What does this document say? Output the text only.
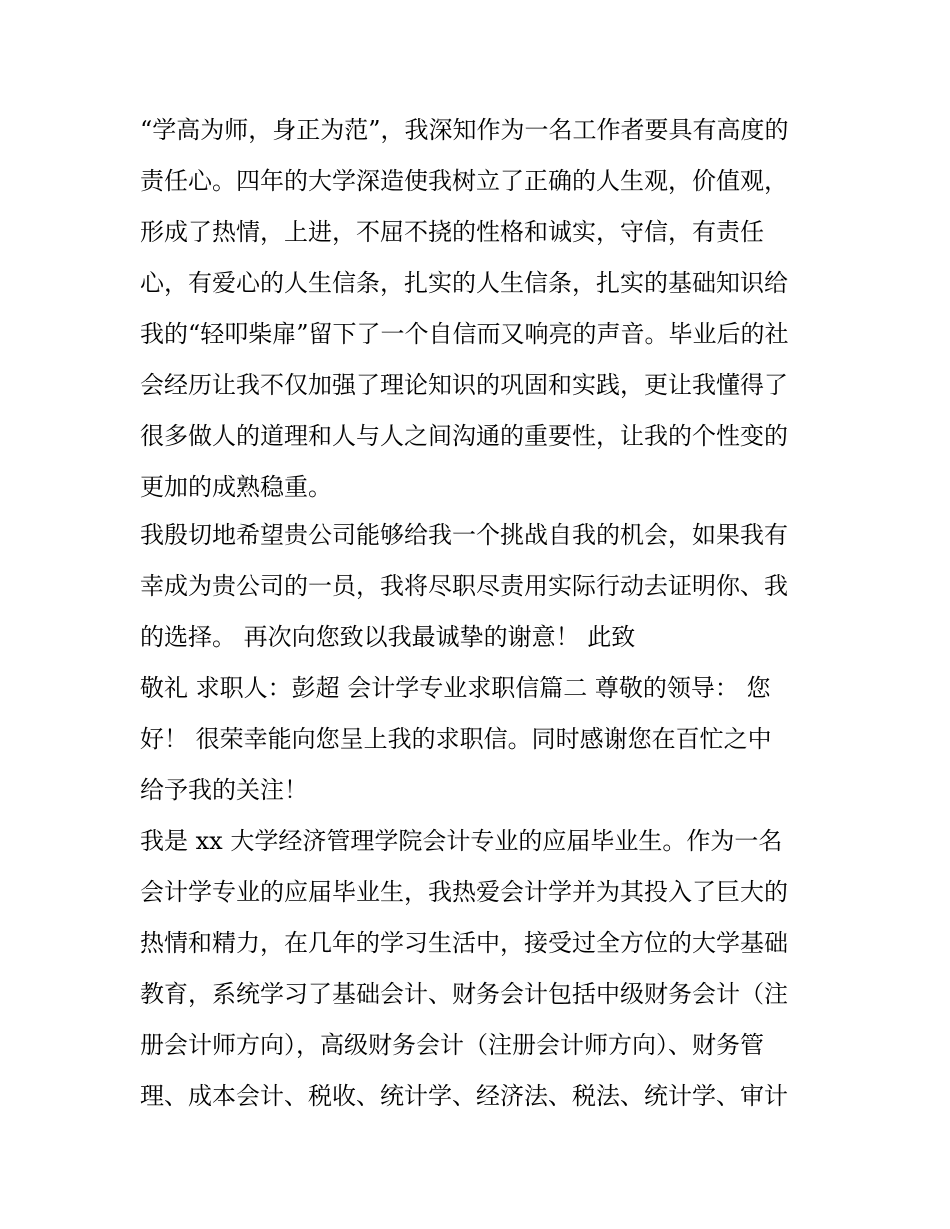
“学高为师，身正为范”，我深知作为一名工作者要具有高度的
责任心。四年的大学深造使我树立了正确的人生观，价值观，
形成了热情，上进，不屈不挠的性格和诚实，守信，有责任
心，有爱心的人生信条，扎实的人生信条，扎实的基础知识给
我的“轻叩柴扉”留下了一个自信而又响亮的声音。毕业后的社
会经历让我不仅加强了理论知识的巩固和实践，更让我懂得了
很多做人的道理和人与人之间沟通的重要性，让我的个性变的
更加的成熟稳重。
我殷切地希望贵公司能够给我一个挑战自我的机会，如果我有
幸成为贵公司的一员，我将尽职尽责用实际行动去证明你、我
的选择。 再次向您致以我最诚挚的谢意！ 此致
敬礼 求职人：彭超 会计学专业求职信篇二 尊敬的领导： 您
好！ 很荣幸能向您呈上我的求职信。同时感谢您在百忙之中
给予我的关注！
我是 xx 大学经济管理学院会计专业的应届毕业生。作为一名
会计学专业的应届毕业生，我热爱会计学并为其投入了巨大的
热情和精力，在几年的学习生活中，接受过全方位的大学基础
教育，系统学习了基础会计、财务会计包括中级财务会计（注
册会计师方向），高级财务会计（注册会计师方向）、财务管
理、成本会计、税收、统计学、经济法、税法、统计学、审计
